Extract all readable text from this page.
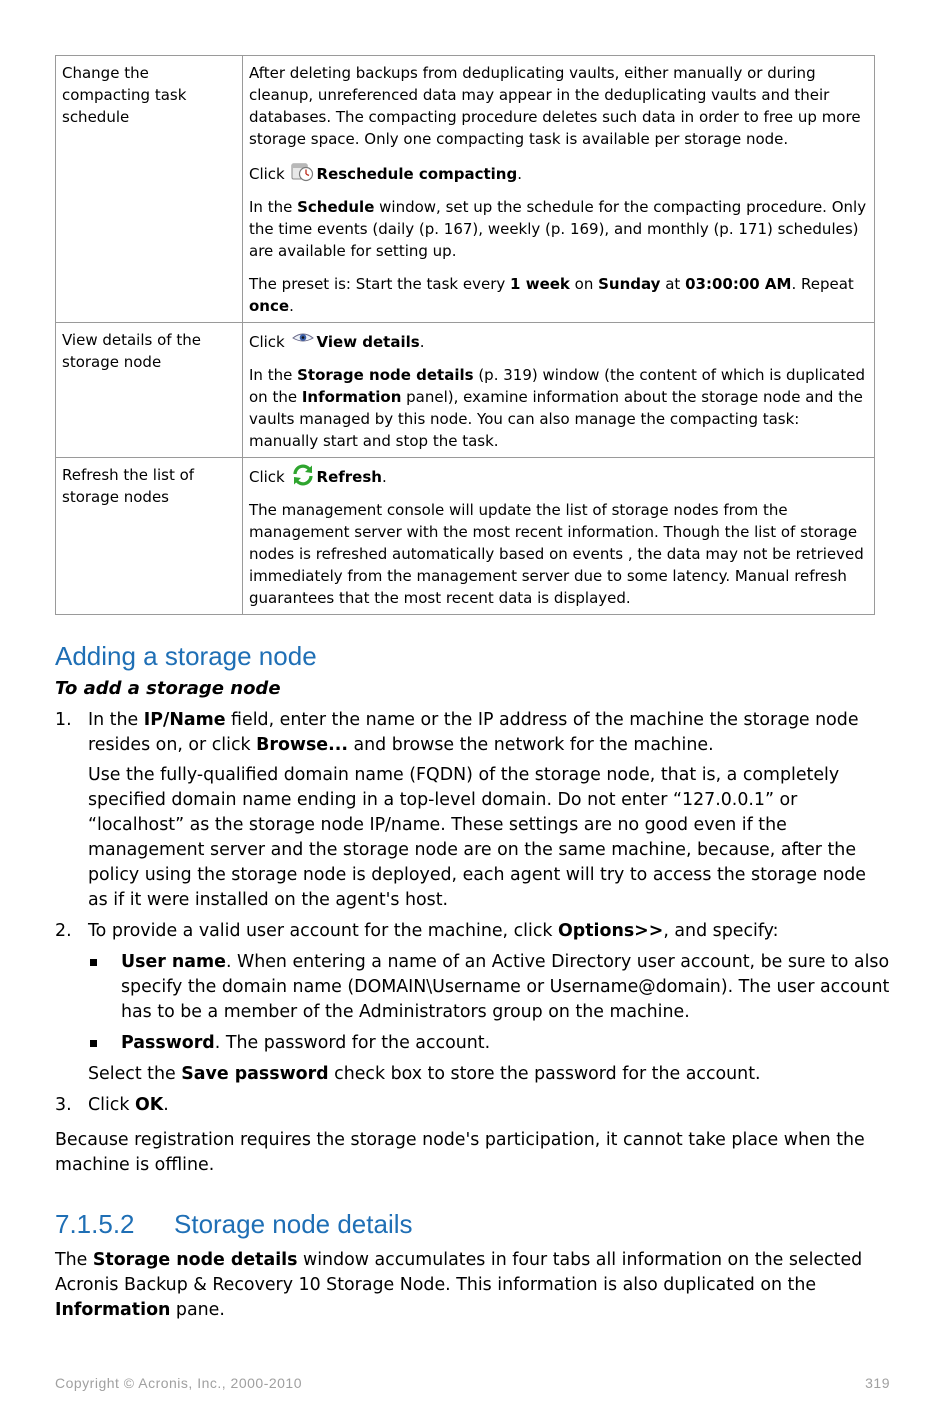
Change the compacting task schedule	After deleting backups from deduplicating vaults, either manually or during cleanup, unreferenced data may appear in the deduplicating vaults and their databases. The compacting procedure deletes such data in order to free up more storage space. Only one compacting task is available per storage node.

Click Reschedule compacting.

In the Schedule window, set up the schedule for the compacting procedure. Only the time events (daily (p. 167), weekly (p. 169), and monthly (p. 171) schedules) are available for setting up.

The preset is: Start the task every 1 week on Sunday at 03:00:00 AM. Repeat once.

View details of the storage node	Click View details.

In the Storage node details (p. 319) window (the content of which is duplicated on the Information panel), examine information about the storage node and the vaults managed by this node. You can also manage the compacting task: manually start and stop the task.

Refresh the list of storage nodes	Click Refresh.

The management console will update the list of storage nodes from the management server with the most recent information. Though the list of storage nodes is refreshed automatically based on events , the data may not be retrieved immediately from the management server due to some latency. Manual refresh guarantees that the most recent data is displayed.

Adding a storage node
To add a storage node
1. In the IP/Name field, enter the name or the IP address of the machine the storage node resides on, or click Browse... and browse the network for the machine.

Use the fully-qualified domain name (FQDN) of the storage node, that is, a completely specified domain name ending in a top-level domain. Do not enter “127.0.0.1” or “localhost” as the storage node IP/name. These settings are no good even if the management server and the storage node are on the same machine, because, after the policy using the storage node is deployed, each agent will try to access the storage node as if it were installed on the agent's host.

2. To provide a valid user account for the machine, click Options>>, and specify:

User name. When entering a name of an Active Directory user account, be sure to also specify the domain name (DOMAIN\Username or Username@domain). The user account has to be a member of the Administrators group on the machine.
Password. The password for the account.

Select the Save password check box to store the password for the account.

3. Click OK.

Because registration requires the storage node's participation, it cannot take place when the machine is offline.

7.1.5.2 Storage node details

The Storage node details window accumulates in four tabs all information on the selected Acronis Backup & Recovery 10 Storage Node. This information is also duplicated on the Information pane.

Copyright © Acronis, Inc., 2000-2010	319
